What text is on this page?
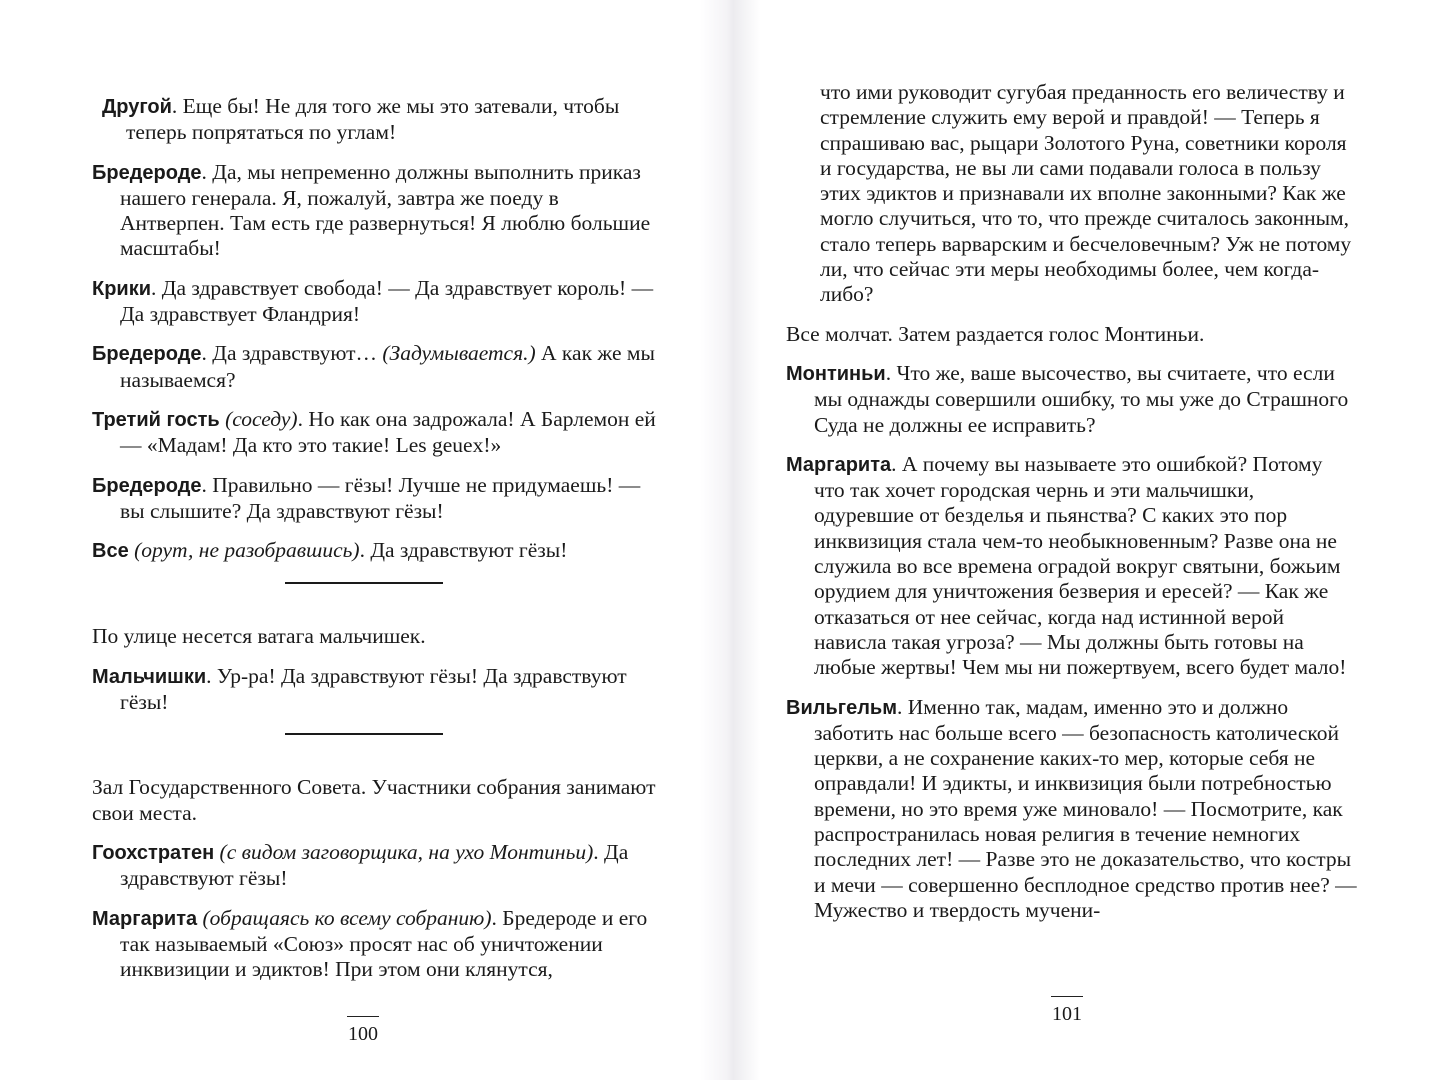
Другой. Еще бы! Не для того же мы это затевали, чтобы теперь попрятаться по углам!

Бредероде. Да, мы непременно должны выполнить приказ нашего генерала. Я, пожалуй, завтра же поеду в Антверпен. Там есть где развернуться! Я люблю большие масштабы!

Крики. Да здравствует свобода! — Да здравствует король! — Да здравствует Фландрия!

Бредероде. Да здравствуют… (Задумывается.) А как же мы называемся?

Третий гость (соседу). Но как она задрожала! А Барлемон ей — «Мадам! Да кто это такие! Les geuex!»

Бредероде. Правильно — гёзы! Лучше не придумаешь! — вы слышите? Да здравствуют гёзы!

Все (орут, не разобравшись). Да здравствуют гёзы!

По улице несется ватага мальчишек.

Мальчишки. Ур-ра! Да здравствуют гёзы! Да здравствуют гёзы!

Зал Государственного Совета. Участники собрания занимают свои места.

Гоохстратен (с видом заговорщика, на ухо Монтиньи). Да здравствуют гёзы!

Маргарита (обращаясь ко всему собранию). Бредероде и его так называемый «Союз» просят нас об уничтожении инквизиции и эдиктов! При этом они клянутся,

100

что ими руководит сугубая преданность его величеству и стремление служить ему верой и правдой! — Теперь я спрашиваю вас, рыцари Золотого Руна, советники короля и государства, не вы ли сами подавали голоса в пользу этих эдиктов и признавали их вполне законными? Как же могло случиться, что то, что прежде считалось законным, стало теперь варварским и бесчеловечным? Уж не потому ли, что сейчас эти меры необходимы более, чем когда-либо?

Все молчат. Затем раздается голос Монтиньи.

Монтиньи. Что же, ваше высочество, вы считаете, что если мы однажды совершили ошибку, то мы уже до Страшного Суда не должны ее исправить?

Маргарита. А почему вы называете это ошибкой? Потому что так хочет городская чернь и эти мальчишки, одуревшие от безделья и пьянства? С каких это пор инквизиция стала чем-то необыкновенным? Разве она не служила во все времена оградой вокруг святыни, божьим орудием для уничтожения безверия и ересей? — Как же отказаться от нее сейчас, когда над истинной верой нависла такая угроза? — Мы должны быть готовы на любые жертвы! Чем мы ни пожертвуем, всего будет мало!

Вильгельм. Именно так, мадам, именно это и должно заботить нас больше всего — безопасность католической церкви, а не сохранение каких-то мер, которые себя не оправдали! И эдикты, и инквизиция были потребностью времени, но это время уже миновало! — Посмотрите, как распространилась новая религия в течение немногих последних лет! — Разве это не доказательство, что костры и мечи — совершенно бесплодное средство против нее? — Мужество и твердость мучени-

101
